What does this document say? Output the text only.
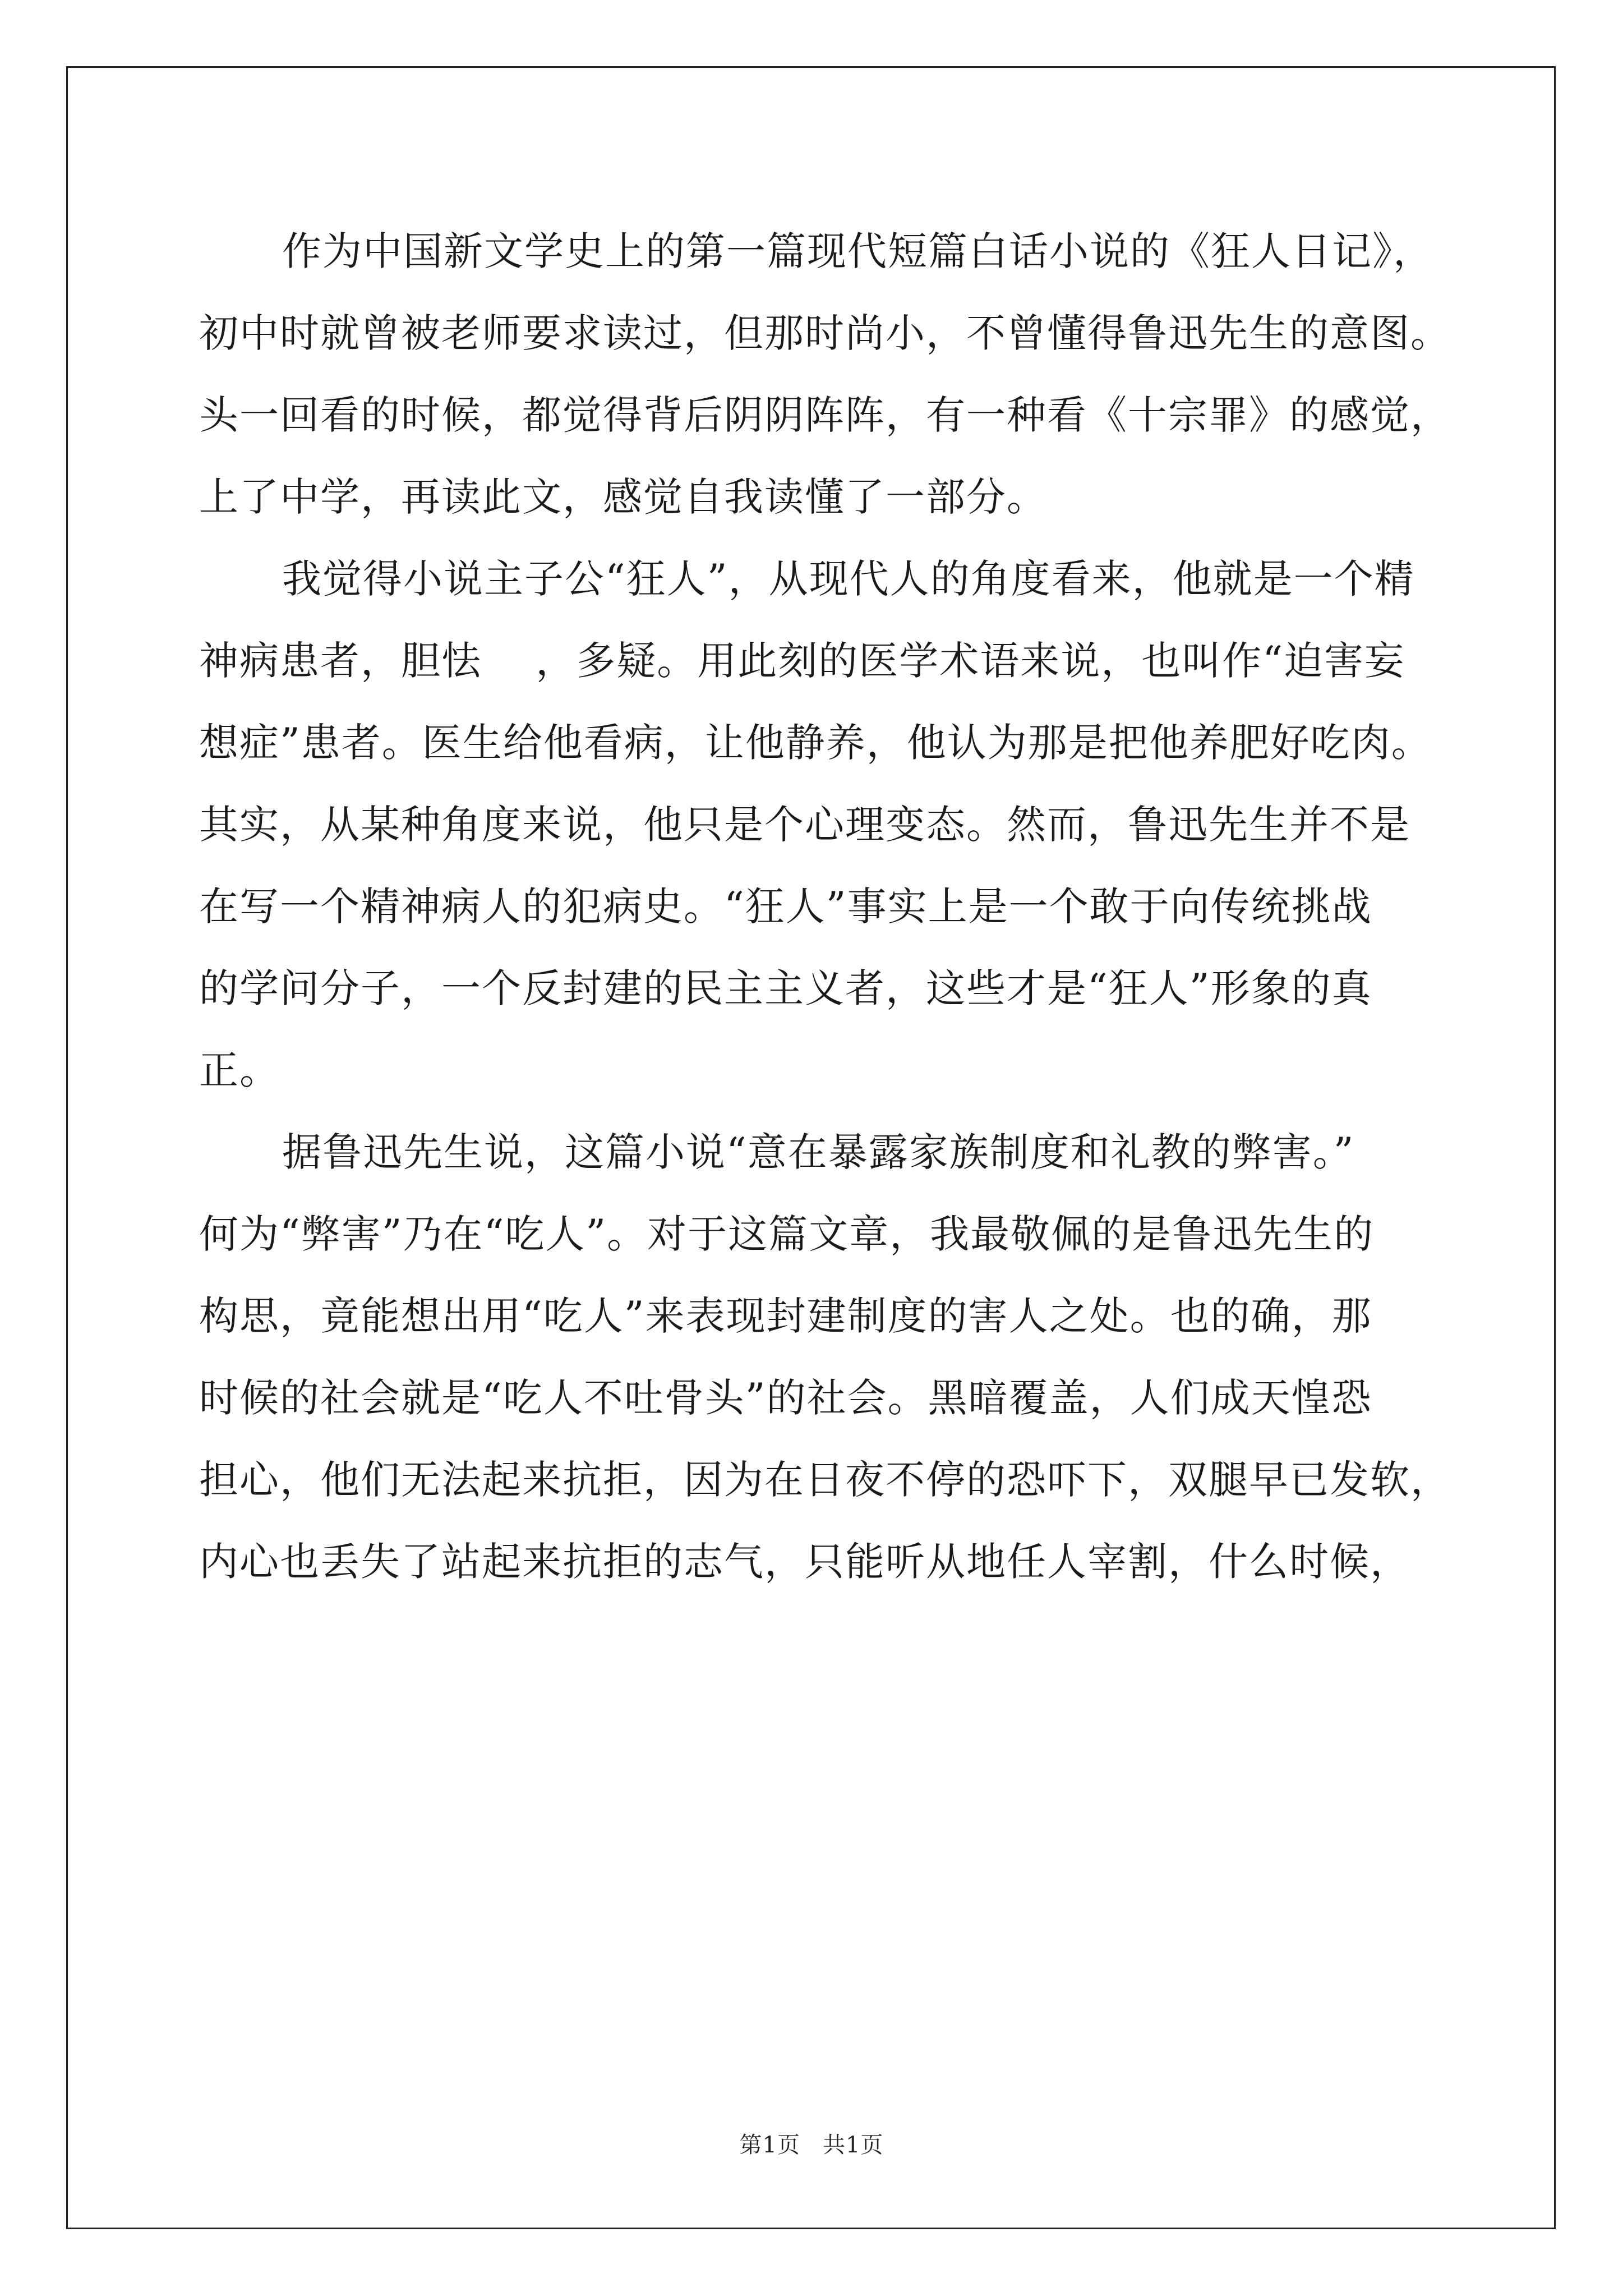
作为中国新文学史上的第一篇现代短篇白话小说的《狂人日记》，
初中时就曾被老师要求读过，但那时尚小，不曾懂得鲁迅先生的意图。
头一回看的时候，都觉得背后阴阴阵阵，有一种看《十宗罪》的感觉，
上了中学，再读此文，感觉自我读懂了一部分。
我觉得小说主子公“狂人”，从现代人的角度看来，他就是一个精
神病患者，胆怯　 ，多疑。用此刻的医学术语来说，也叫作“迫害妄
想症”患者。医生给他看病，让他静养，他认为那是把他养肥好吃肉。
其实，从某种角度来说，他只是个心理变态。然而，鲁迅先生并不是
在写一个精神病人的犯病史。“狂人”事实上是一个敢于向传统挑战
的学问分子，一个反封建的民主主义者，这些才是“狂人”形象的真
正。
据鲁迅先生说，这篇小说“意在暴露家族制度和礼教的弊害。”
何为“弊害”乃在“吃人”。对于这篇文章，我最敬佩的是鲁迅先生的
构思，竟能想出用“吃人”来表现封建制度的害人之处。也的确，那
时候的社会就是“吃人不吐骨头”的社会。黑暗覆盖，人们成天惶恐
担心，他们无法起来抗拒，因为在日夜不停的恐吓下，双腿早已发软，
内心也丢失了站起来抗拒的志气，只能听从地任人宰割，什么时候，
第1页 共1页
